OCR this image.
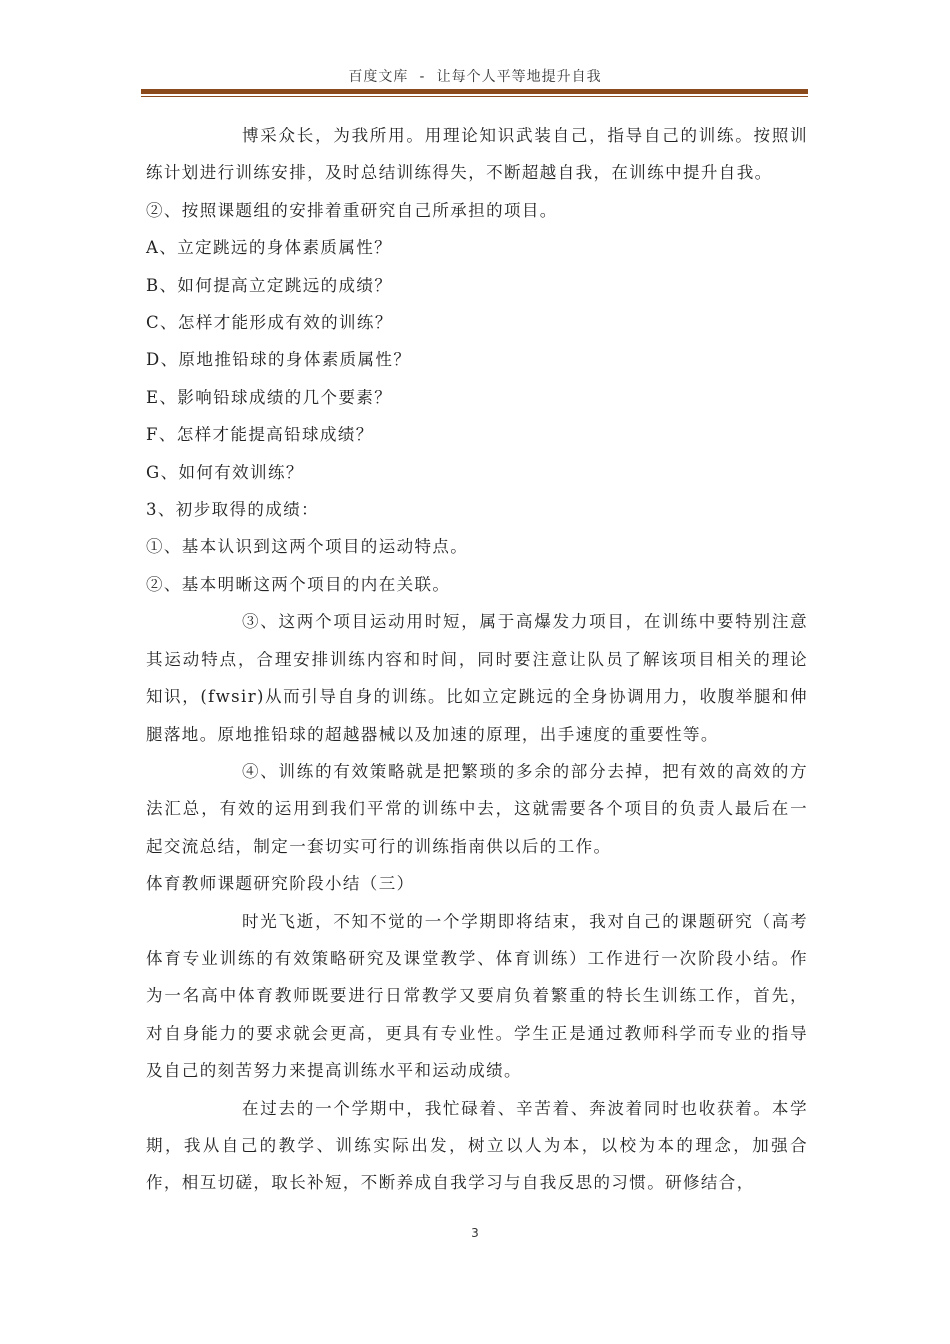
百度文库 - 让每个人平等地提升自我

博采众长，为我所用。用理论知识武装自己，指导自己的训练。按照训练计划进行训练安排，及时总结训练得失，不断超越自我，在训练中提升自我。

②、按照课题组的安排着重研究自己所承担的项目。

A、立定跳远的身体素质属性？

B、如何提高立定跳远的成绩？

C、怎样才能形成有效的训练？

D、原地推铅球的身体素质属性？

E、影响铅球成绩的几个要素？

F、怎样才能提高铅球成绩？

G、如何有效训练？

3、初步取得的成绩：

①、基本认识到这两个项目的运动特点。

②、基本明晰这两个项目的内在关联。

③、这两个项目运动用时短，属于高爆发力项目，在训练中要特别注意其运动特点，合理安排训练内容和时间，同时要注意让队员了解该项目相关的理论知识，(fwsir)从而引导自身的训练。比如立定跳远的全身协调用力，收腹举腿和伸腿落地。原地推铅球的超越器械以及加速的原理，出手速度的重要性等。

④、训练的有效策略就是把繁琐的多余的部分去掉，把有效的高效的方法汇总，有效的运用到我们平常的训练中去，这就需要各个项目的负责人最后在一起交流总结，制定一套切实可行的训练指南供以后的工作。

体育教师课题研究阶段小结（三）

时光飞逝，不知不觉的一个学期即将结束，我对自己的课题研究（高考体育专业训练的有效策略研究及课堂教学、体育训练）工作进行一次阶段小结。作为一名高中体育教师既要进行日常教学又要肩负着繁重的特长生训练工作，首先，对自身能力的要求就会更高，更具有专业性。学生正是通过教师科学而专业的指导及自己的刻苦努力来提高训练水平和运动成绩。

在过去的一个学期中，我忙碌着、辛苦着、奔波着同时也收获着。本学期，我从自己的教学、训练实际出发，树立以人为本，以校为本的理念，加强合作，相互切磋，取长补短，不断养成自我学习与自我反思的习惯。研修结合，

3
